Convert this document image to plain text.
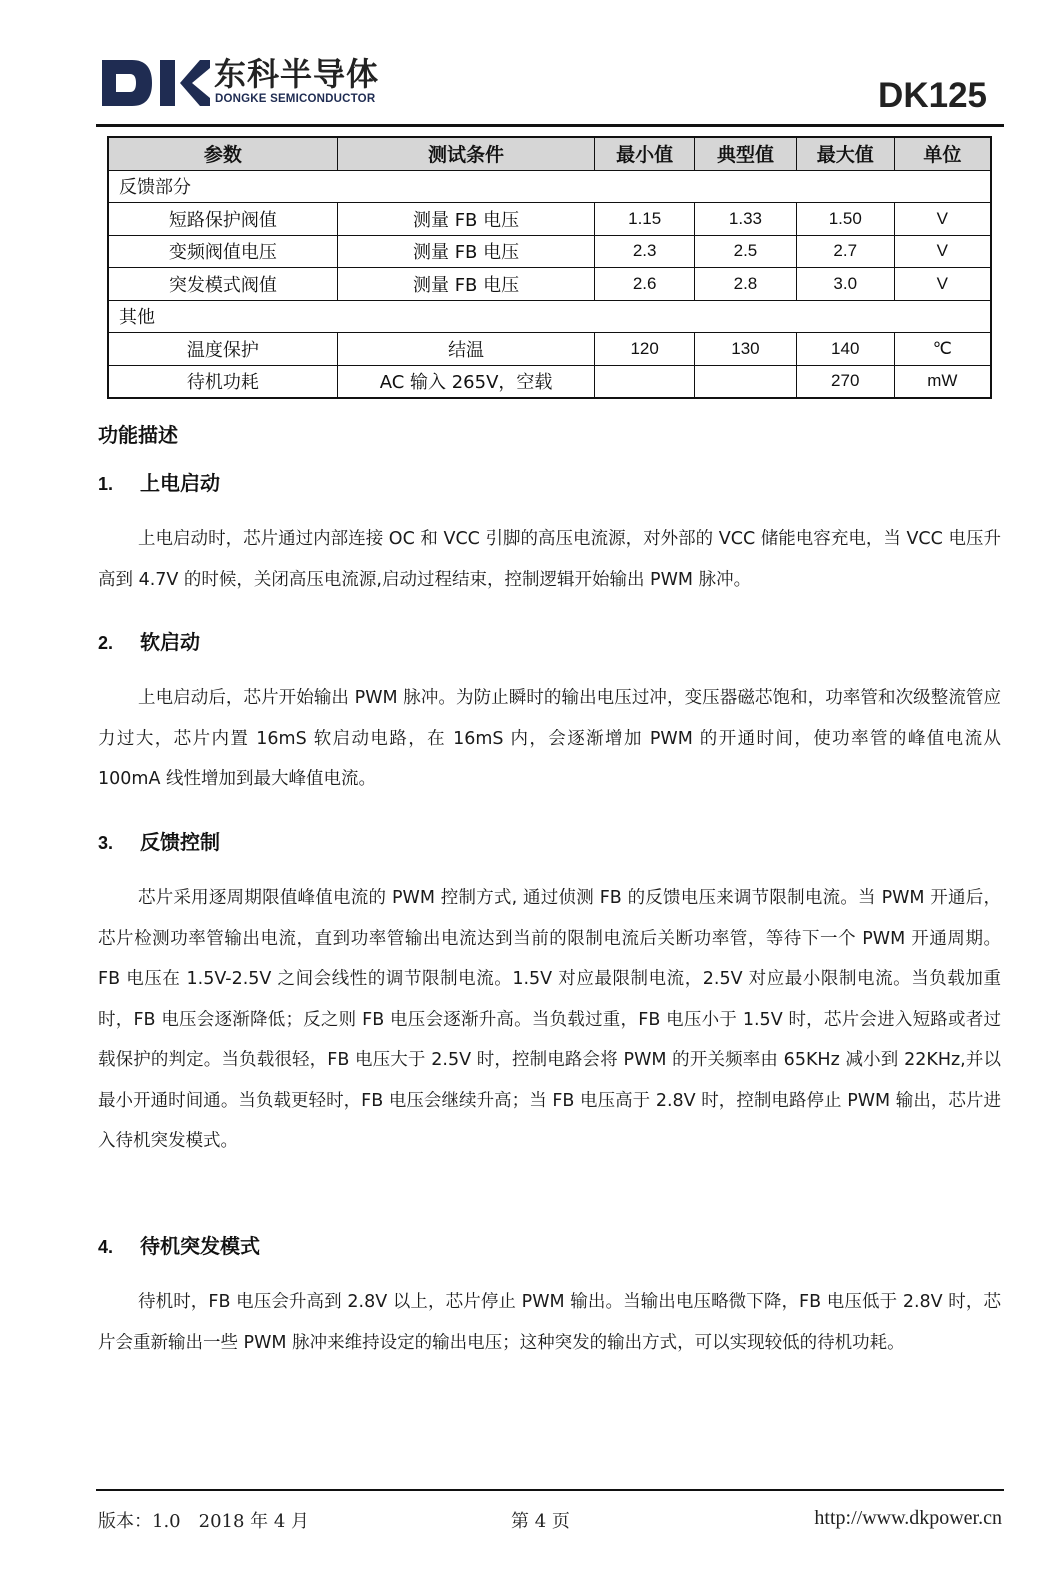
东科半导体
DONGKE SEMICONDUCTOR	DK125
参数	测试条件	最小值	典型值	最大值	单位
反馈部分					
短路保护阀值	测量 FB 电压	1.15	1.33	1.50	V
变频阀值电压	测量 FB 电压	2.3	2.5	2.7	V
突发模式阀值	测量 FB 电压	2.6	2.8	3.0	V
其他					
温度保护	结温	120	130	140	℃
待机功耗	AC 输入 265V，空载			270	mW
功能描述
1. 上电启动

上电启动时，芯片通过内部连接 OC 和 VCC 引脚的高压电流源，对外部的 VCC 储能电容充电，当 VCC 电压升高到 4.7V 的时候，关闭高压电流源,启动过程结束，控制逻辑开始输出 PWM 脉冲。

2. 软启动

上电启动后，芯片开始输出 PWM 脉冲。为防止瞬时的输出电压过冲，变压器磁芯饱和，功率管和次级整流管应力过大，芯片内置 16mS 软启动电路，在 16mS 内，会逐渐增加 PWM 的开通时间，使功率管的峰值电流从 100mA 线性增加到最大峰值电流。

3. 反馈控制

芯片采用逐周期限值峰值电流的 PWM 控制方式, 通过侦测 FB 的反馈电压来调节限制电流。当 PWM 开通后，芯片检测功率管输出电流，直到功率管输出电流达到当前的限制电流后关断功率管，等待下一个 PWM 开通周期。 FB 电压在 1.5V-2.5V 之间会线性的调节限制电流。1.5V 对应最限制电流，2.5V 对应最小限制电流。当负载加重时，FB 电压会逐渐降低；反之则 FB 电压会逐渐升高。当负载过重，FB 电压小于 1.5V 时，芯片会进入短路或者过载保护的判定。当负载很轻，FB 电压大于 2.5V 时，控制电路会将 PWM 的开关频率由 65KHz 减小到 22KHz,并以最小开通时间通。当负载更轻时，FB 电压会继续升高；当 FB 电压高于 2.8V 时，控制电路停止 PWM 输出，芯片进入待机突发模式。

4. 待机突发模式

待机时，FB 电压会升高到 2.8V 以上，芯片停止 PWM 输出。当输出电压略微下降，FB 电压低于 2.8V 时，芯片会重新输出一些 PWM 脉冲来维持设定的输出电压；这种突发的输出方式，可以实现较低的待机功耗。

版本：1.0　2018 年 4 月	第 4 页	http://www.dkpower.cn
